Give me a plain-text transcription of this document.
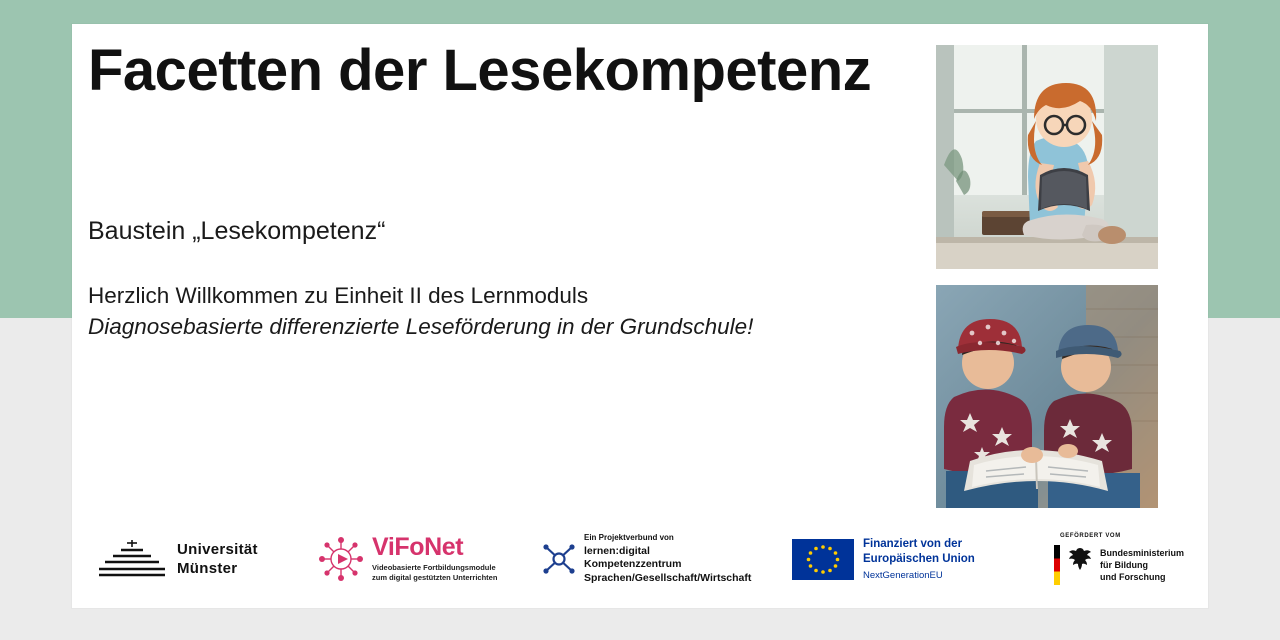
Facetten der Lesekompetenz
Baustein „Lesekompetenz“
Herzlich Willkommen zu Einheit II des Lernmoduls
Diagnosebasierte differenzierte Leseförderung in der Grundschule!
Universität
Münster
ViFoNet
Videobasierte Fortbildungsmodule
zum digital gestützten Unterrichten
Ein Projektverbund von
lernen:digital
Kompetenzzentrum
Sprachen/Gesellschaft/Wirtschaft
Finanziert von der
Europäischen Union
NextGenerationEU
GEFÖRDERT VOM
Bundesministerium
für Bildung
und Forschung
